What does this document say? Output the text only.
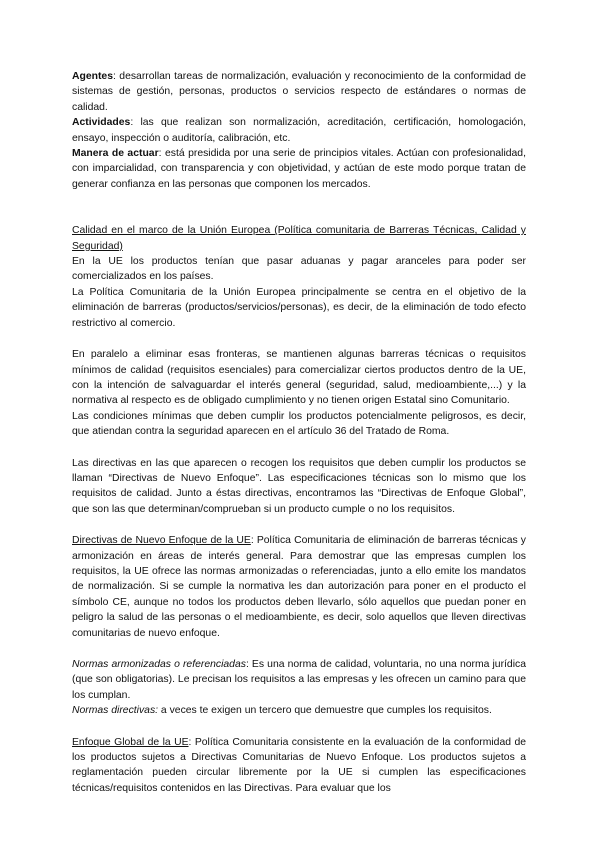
Agentes: desarrollan tareas de normalización, evaluación y reconocimiento de la conformidad de sistemas de gestión, personas, productos o servicios respecto de estándares o normas de calidad.

Actividades: las que realizan son normalización, acreditación, certificación, homologación, ensayo, inspección o auditoría, calibración, etc.

Manera de actuar: está presidida por una serie de principios vitales. Actúan con profesionalidad, con imparcialidad, con transparencia y con objetividad, y actúan de este modo porque tratan de generar confianza en las personas que componen los mercados.

Calidad en el marco de la Unión Europea (Política comunitaria de Barreras Técnicas, Calidad y Seguridad)

En la UE los productos tenían que pasar aduanas y pagar aranceles para poder ser comercializados en los países.

La Política Comunitaria de la Unión Europea principalmente se centra en el objetivo de la eliminación de barreras (productos/servicios/personas), es decir, de la eliminación de todo efecto restrictivo al comercio.

En paralelo a eliminar esas fronteras, se mantienen algunas barreras técnicas o requisitos mínimos de calidad (requisitos esenciales) para comercializar ciertos productos dentro de la UE, con la intención de salvaguardar el interés general (seguridad, salud, medioambiente,...) y la normativa al respecto es de obligado cumplimiento y no tienen origen Estatal sino Comunitario.

Las condiciones mínimas que deben cumplir los productos potencialmente peligrosos, es decir, que atiendan contra la seguridad aparecen en el artículo 36 del Tratado de Roma.

Las directivas en las que aparecen o recogen los requisitos que deben cumplir los productos se llaman “Directivas de Nuevo Enfoque”. Las especificaciones técnicas son lo mismo que los requisitos de calidad. Junto a éstas directivas, encontramos las “Directivas de Enfoque Global”, que son las que determinan/comprueban si un producto cumple o no los requisitos.

Directivas de Nuevo Enfoque de la UE: Política Comunitaria de eliminación de barreras técnicas y armonización en áreas de interés general. Para demostrar que las empresas cumplen los requisitos, la UE ofrece las normas armonizadas o referenciadas, junto a ello emite los mandatos de normalización. Si se cumple la normativa les dan autorización para poner en el producto el símbolo CE, aunque no todos los productos deben llevarlo, sólo aquellos que puedan poner en peligro la salud de las personas o el medioambiente, es decir, solo aquellos que lleven directivas comunitarias de nuevo enfoque.

Normas armonizadas o referenciadas: Es una norma de calidad, voluntaria, no una norma jurídica (que son obligatorias). Le precisan los requisitos a las empresas y les ofrecen un camino para que los cumplan.

Normas directivas: a veces te exigen un tercero que demuestre que cumples los requisitos.

Enfoque Global de la UE: Política Comunitaria consistente en la evaluación de la conformidad de los productos sujetos a Directivas Comunitarias de Nuevo Enfoque. Los productos sujetos a reglamentación pueden circular libremente por la UE si cumplen las especificaciones técnicas/requisitos contenidos en las Directivas. Para evaluar que los
